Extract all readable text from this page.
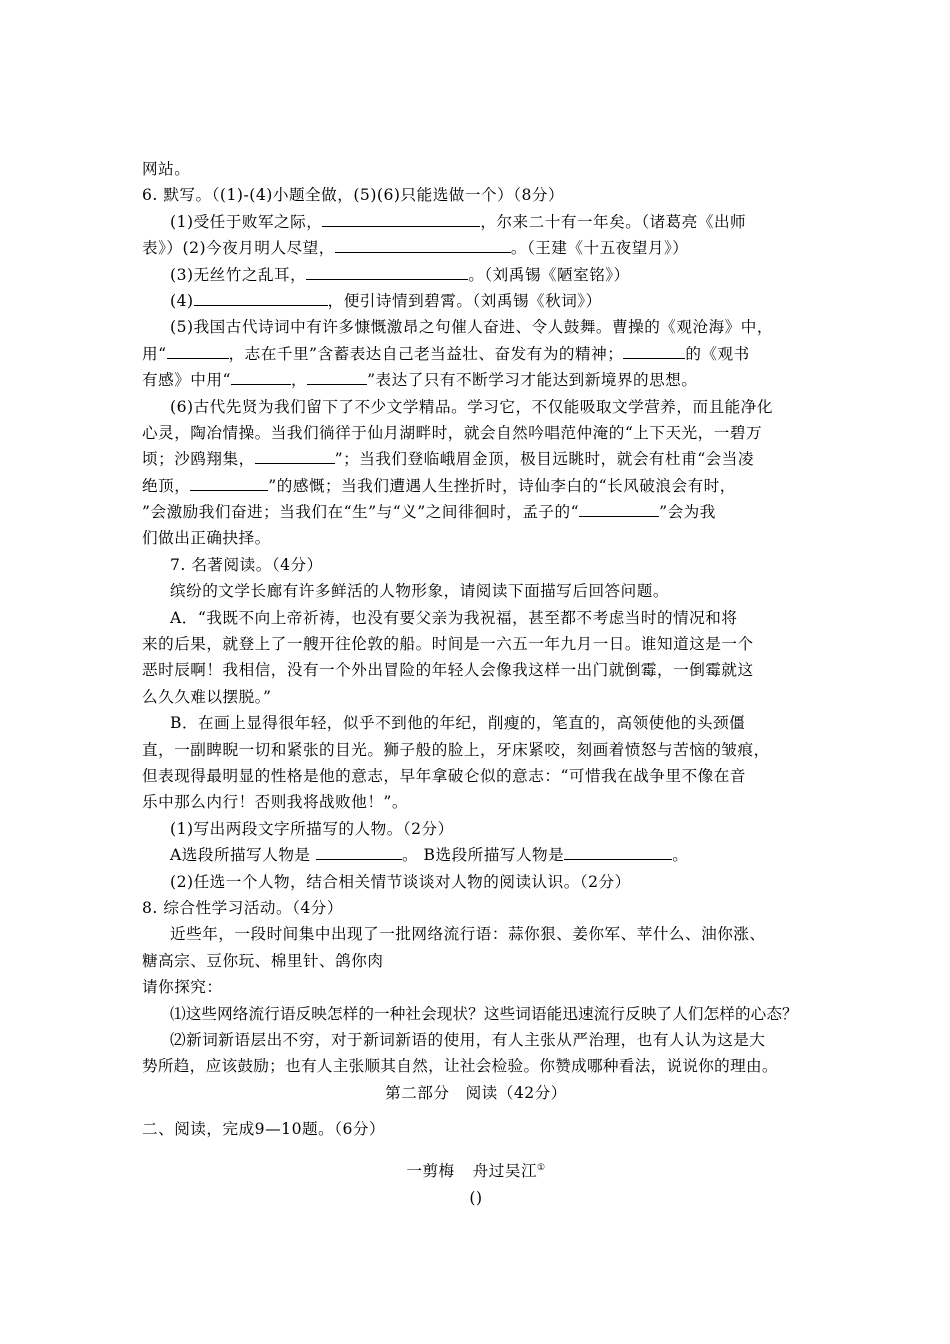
网站。
6. 默写。（(1)-(4)小题全做，(5)(6)只能选做一个）（8分）
(1)受任于败军之际，	，尔来二十有一年矣。（诸葛亮《出师
表》）(2)今夜月明人尽望，	。（王建《十五夜望月》）
(3)无丝竹之乱耳，	。（刘禹锡《陋室铭》）
(4)	，便引诗情到碧霄。（刘禹锡《秋词》）
(5)我国古代诗词中有许多慷慨激昂之句催人奋进、令人鼓舞。曹操的《观沧海》中，
用“	，志在千里”含蓄表达自己老当益壮、奋发有为的精神；	的《观书
有感》中用“	，	”表达了只有不断学习才能达到新境界的思想。
(6)古代先贤为我们留下了不少文学精品。学习它，不仅能吸取文学营养，而且能净化
心灵，陶冶情操。当我们徜徉于仙月湖畔时，就会自然吟唱范仲淹的“上下天光，一碧万
顷；沙鸥翔集，	”；当我们登临峨眉金顶，极目远眺时，就会有杜甫“会当凌
绝顶，	”的感慨；当我们遭遇人生挫折时，诗仙李白的“长风破浪会有时，
”会激励我们奋进；当我们在“生”与“义”之间徘徊时，孟子的“	”会为我
们做出正确抉择。
7. 名著阅读。（4分）
缤纷的文学长廊有许多鲜活的人物形象，请阅读下面描写后回答问题。
A．“我既不向上帝祈祷，也没有要父亲为我祝福，甚至都不考虑当时的情况和将
来的后果，就登上了一艘开往伦敦的船。时间是一六五一年九月一日。谁知道这是一个
恶时辰啊！我相信，没有一个外出冒险的年轻人会像我这样一出门就倒霉，一倒霉就这
么久久难以摆脱。”
B．在画上显得很年轻，似乎不到他的年纪，削瘦的，笔直的，高领使他的头颈僵
直，一副睥睨一切和紧张的目光。狮子般的脸上，牙床紧咬，刻画着愤怒与苦恼的皱痕，
但表现得最明显的性格是他的意志，早年拿破仑似的意志：“可惜我在战争里不像在音
乐中那么内行！否则我将战败他！”。
(1)写出两段文字所描写的人物。（2分）
A选段所描写人物是	。 B选段所描写人物是	。
(2)任选一个人物，结合相关情节谈谈对人物的阅读认识。（2分）
8. 综合性学习活动。（4分）
近些年，一段时间集中出现了一批网络流行语：蒜你狠、姜你军、苹什么、油你涨、
糖高宗、豆你玩、棉里针、鸽你肉
请你探究：
⑴这些网络流行语反映怎样的一种社会现状？这些词语能迅速流行反映了人们怎样的心态？
⑵新词新语层出不穷，对于新词新语的使用，有人主张从严治理，也有人认为这是大
势所趋，应该鼓励；也有人主张顺其自然，让社会检验。你赞成哪种看法，说说你的理由。
第二部分　阅读（42分）
二、阅读，完成9—10题。（6分）
一剪梅 舟过吴江①
()
